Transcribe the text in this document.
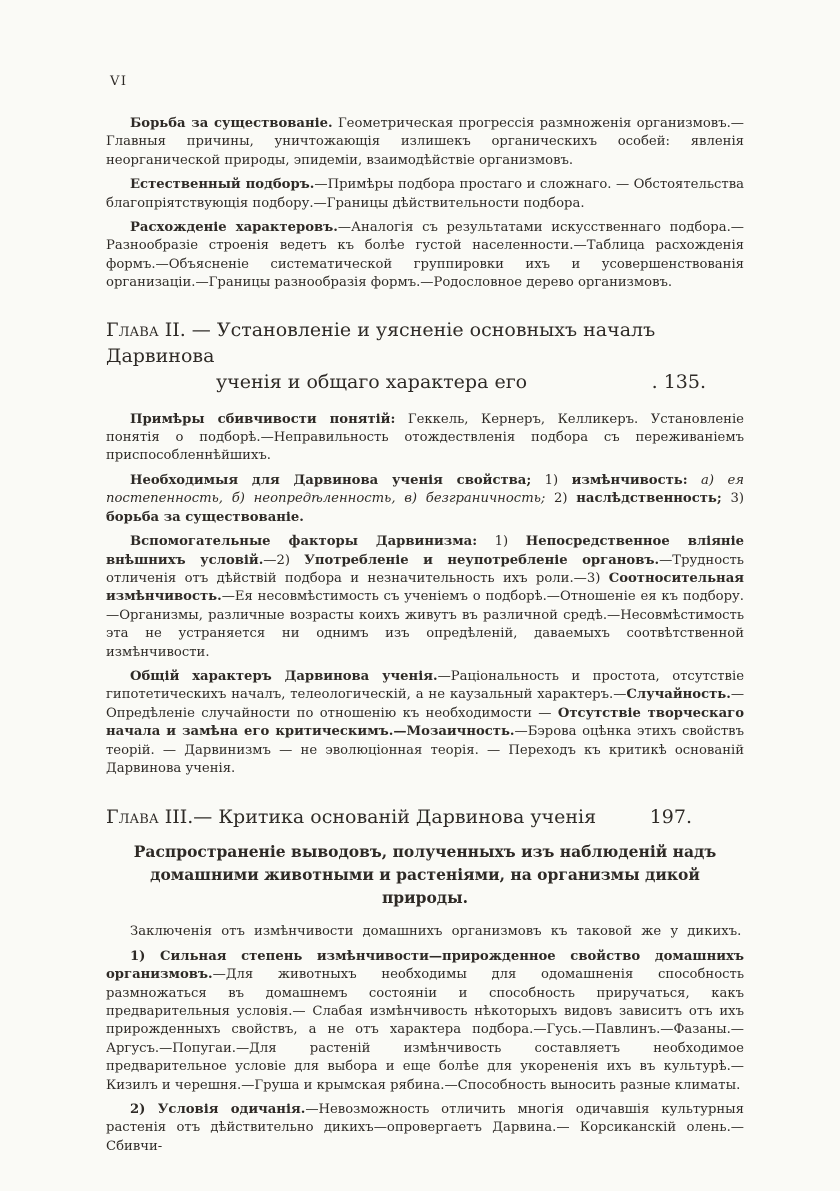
VI

Борьба за существованіе. Геометрическая прогрессія размноженія организмовъ.— Главныя причины, уничтожающія излишекъ органическихъ особей: явленія неорганической природы, эпидеміи, взаимодѣйствіе организмовъ.

Естественный подборъ.—Примѣры подбора простаго и сложнаго. — Обстоятельства благопріятствующія подбору.—Границы дѣйствительности подбора.

Расхожденіе характеровъ.—Аналогія съ результатами искусственнаго подбора.— Разнообразіе строенія ведетъ къ болѣе густой населенности.—Таблица расхожденія формъ.—Объясненіе систематической группировки ихъ и усовершенствованія организаціи.—Границы разнообразія формъ.—Родословное дерево организмовъ.

Глава II. — Установленіе и уясненіе основныхъ началъ Дарвинова
ученія и общаго характера его	. 135.

Примѣры сбивчивости понятій: Геккель, Кернеръ, Келликеръ. Установленіе понятія о подборѣ.—Неправильность отождествленія подбора съ переживаніемъ приспособленнѣйшихъ.

Необходимыя для Дарвинова ученія свойства; 1) измѣнчивость: а) ея постепенность, б) неопредѣленность, в) безграничность; 2) наслѣдственность; 3) борьба за существованіе.

Вспомогательные факторы Дарвинизма: 1) Непосредственное вліяніе внѣшнихъ условій.—2) Употребленіе и неупотребленіе органовъ.—Трудность отличенія отъ дѣйствій подбора и незначительность ихъ роли.—3) Соотносительная измѣнчивость.—Ея несовмѣстимость съ ученіемъ о подборѣ.—Отношеніе ея къ подбору. —Организмы, различные возрасты коихъ живутъ въ различной средѣ.—Несовмѣстимость эта не устраняется ни однимъ изъ опредѣленій, даваемыхъ соотвѣтственной измѣнчивости.

Общій характеръ Дарвинова ученія.—Раціональность и простота, отсутствіе гипотетическихъ началъ, телеологическій, а не каузальный характеръ.—Случайность.— Опредѣленіе случайности по отношенію къ необходимости — Отсутствіе творческаго начала и замѣна его критическимъ.—Мозаичность.—Бэрова оцѣнка этихъ свойствъ теорій. — Дарвинизмъ — не эволюціонная теорія. — Переходъ къ критикѣ основаній Дарвинова ученія.

Глава III. — Критика основаній Дарвинова ученія	197.
Распространеніе выводовъ, полученныхъ изъ наблюденій надъ домашними животными и растеніями, на организмы дикой природы.

Заключенія отъ измѣнчивости домашнихъ организмовъ къ таковой же у дикихъ.

1) Сильная степень измѣнчивости—прирожденное свойство домашнихъ организмовъ.—Для животныхъ необходимы для одомашненія способность размножаться въ домашнемъ состояніи и способность приручаться, какъ предварительныя условія.— Слабая измѣнчивость нѣкоторыхъ видовъ зависитъ отъ ихъ прирожденныхъ свойствъ, а не отъ характера подбора.—Гусь.—Павлинъ.—Фазаны.—Аргусъ.—Попугаи.—Для растеній измѣнчивость составляетъ необходимое предварительное условіе для выбора и еще болѣе для укорененія ихъ въ культурѣ.—Кизилъ и черешня.—Груша и крымская рябина.—Способность выносить разные климаты.

2) Условія одичанія.—Невозможность отличить многія одичавшія культурныя растенія отъ дѣйствительно дикихъ—опровергаетъ Дарвина.— Корсиканскій олень.—Сбивчи-
